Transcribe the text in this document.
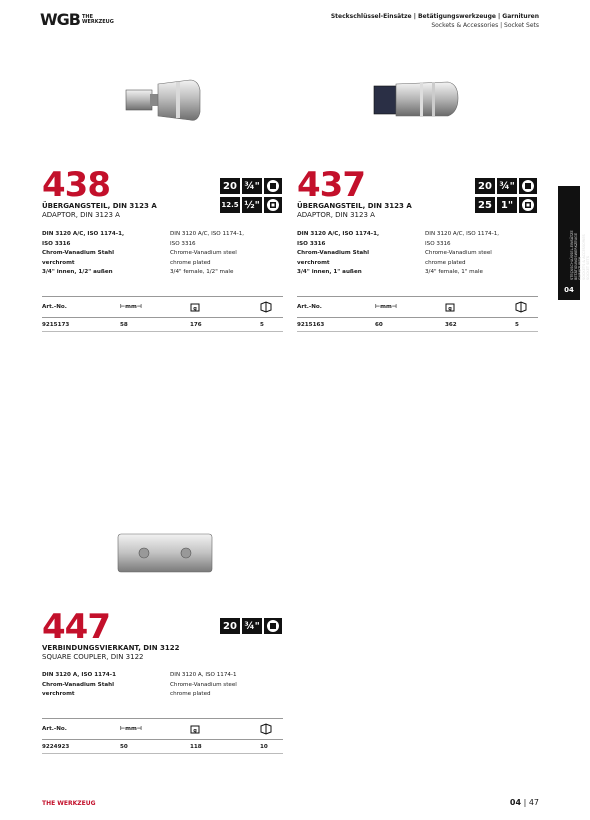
WGB THE
WERKZEUG
Steckschlüssel-Einsätze | Betätigungswerkzeuge | Garnituren
Sockets & Accessories | Socket Sets
STECKSCHLÜSSEL-EINSÄTZE BETÄTIGUNGSWERKZEUGE GARNITUREN SOCKETS & ACCESSORIES SOCKET SETS
04
438
ÜBERGANGSTEIL, DIN 3123 A
ADAPTOR, DIN 3123 A
20 ¾"
12.5 ½"
DIN 3120 A/C, ISO 1174-1,
ISO 3316
Chrom-Vanadium Stahl
verchromt
3/4" innen, 1/2" außen
DIN 3120 A/C, ISO 1174-1,
ISO 3316
Chrome-Vanadium steel
chrome plated
3/4" female, 1/2" male
Art.-No.	⊢mm⊣	g

9215173	58	176	5
437
ÜBERGANGSTEIL, DIN 3123 A
ADAPTOR, DIN 3123 A
20 ¾"
25 1"
DIN 3120 A/C, ISO 1174-1,
ISO 3316
Chrom-Vanadium Stahl
verchromt
3/4" innen, 1" außen
DIN 3120 A/C, ISO 1174-1,
ISO 3316
Chrome-Vanadium steel
chrome plated
3/4" female, 1" male
Art.-No.	⊢mm⊣	g

9215163	60	362	5
447
VERBINDUNGSVIERKANT, DIN 3122
SQUARE COUPLER, DIN 3122
20 ¾"
DIN 3120 A, ISO 1174-1
Chrom-Vanadium Stahl
verchromt
DIN 3120 A, ISO 1174-1
Chrome-Vanadium steel
chrome plated
Art.-No.	⊢mm⊣	g

9224923	50	118	10
THE WERKZEUG	04 | 47
